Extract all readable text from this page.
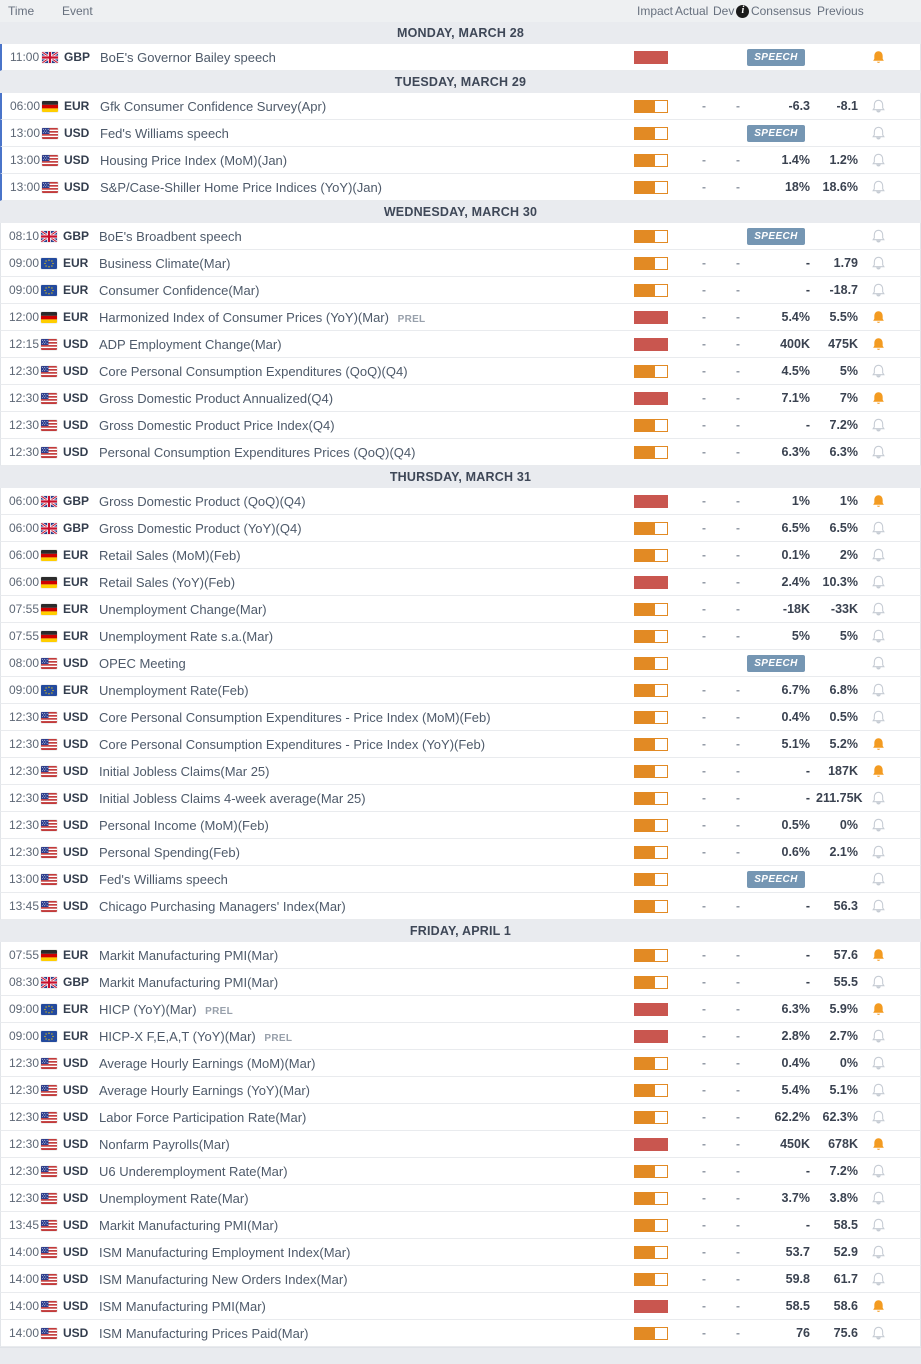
Time	Event	Impact Actual Dev i Consensus Previous
MONDAY, MARCH 28
11:00 GBP BoE's Governor Bailey speech	SPEECH
TUESDAY, MARCH 29
06:00 EUR Gfk Consumer Confidence Survey(Apr)	-	-	-6.3	-8.1
13:00 USD Fed's Williams speech	SPEECH
13:00 USD Housing Price Index (MoM)(Jan)	-	-	1.4%	1.2%
13:00 USD S&P/Case-Shiller Home Price Indices (YoY)(Jan)	-	-	18%	18.6%
WEDNESDAY, MARCH 30
08:10 GBP BoE's Broadbent speech	SPEECH
09:00 EUR Business Climate(Mar)	-	-	-	1.79
09:00 EUR Consumer Confidence(Mar)	-	-	-	-18.7
12:00 EUR Harmonized Index of Consumer Prices (YoY)(Mar) PREL	-	-	5.4%	5.5%
12:15 USD ADP Employment Change(Mar)	-	-	400K	475K
12:30 USD Core Personal Consumption Expenditures (QoQ)(Q4)	-	-	4.5%	5%
12:30 USD Gross Domestic Product Annualized(Q4)	-	-	7.1%	7%
12:30 USD Gross Domestic Product Price Index(Q4)	-	-	-	7.2%
12:30 USD Personal Consumption Expenditures Prices (QoQ)(Q4)	-	-	6.3%	6.3%
THURSDAY, MARCH 31
06:00 GBP Gross Domestic Product (QoQ)(Q4)	-	-	1%	1%
06:00 GBP Gross Domestic Product (YoY)(Q4)	-	-	6.5%	6.5%
06:00 EUR Retail Sales (MoM)(Feb)	-	-	0.1%	2%
06:00 EUR Retail Sales (YoY)(Feb)	-	-	2.4%	10.3%
07:55 EUR Unemployment Change(Mar)	-	-	-18K	-33K
07:55 EUR Unemployment Rate s.a.(Mar)	-	-	5%	5%
08:00 USD OPEC Meeting	SPEECH
09:00 EUR Unemployment Rate(Feb)	-	-	6.7%	6.8%
12:30 USD Core Personal Consumption Expenditures - Price Index (MoM)(Feb)	-	-	0.4%	0.5%
12:30 USD Core Personal Consumption Expenditures - Price Index (YoY)(Feb)	-	-	5.1%	5.2%
12:30 USD Initial Jobless Claims(Mar 25)	-	-	-	187K
12:30 USD Initial Jobless Claims 4-week average(Mar 25)	-	-	- 211.75K
12:30 USD Personal Income (MoM)(Feb)	-	-	0.5%	0%
12:30 USD Personal Spending(Feb)	-	-	0.6%	2.1%
13:00 USD Fed's Williams speech	SPEECH
13:45 USD Chicago Purchasing Managers' Index(Mar)	-	-	-	56.3
FRIDAY, APRIL 1
07:55 EUR Markit Manufacturing PMI(Mar)	-	-	-	57.6
08:30 GBP Markit Manufacturing PMI(Mar)	-	-	-	55.5
09:00 EUR HICP (YoY)(Mar) PREL	-	-	6.3%	5.9%
09:00 EUR HICP-X F,E,A,T (YoY)(Mar) PREL	-	-	2.8%	2.7%
12:30 USD Average Hourly Earnings (MoM)(Mar)	-	-	0.4%	0%
12:30 USD Average Hourly Earnings (YoY)(Mar)	-	-	5.4%	5.1%
12:30 USD Labor Force Participation Rate(Mar)	-	-	62.2%	62.3%
12:30 USD Nonfarm Payrolls(Mar)	-	-	450K	678K
12:30 USD U6 Underemployment Rate(Mar)	-	-	-	7.2%
12:30 USD Unemployment Rate(Mar)	-	-	3.7%	3.8%
13:45 USD Markit Manufacturing PMI(Mar)	-	-	-	58.5
14:00 USD ISM Manufacturing Employment Index(Mar)	-	-	53.7	52.9
14:00 USD ISM Manufacturing New Orders Index(Mar)	-	-	59.8	61.7
14:00 USD ISM Manufacturing PMI(Mar)	-	-	58.5	58.6
14:00 USD ISM Manufacturing Prices Paid(Mar)	-	-	76	75.6
